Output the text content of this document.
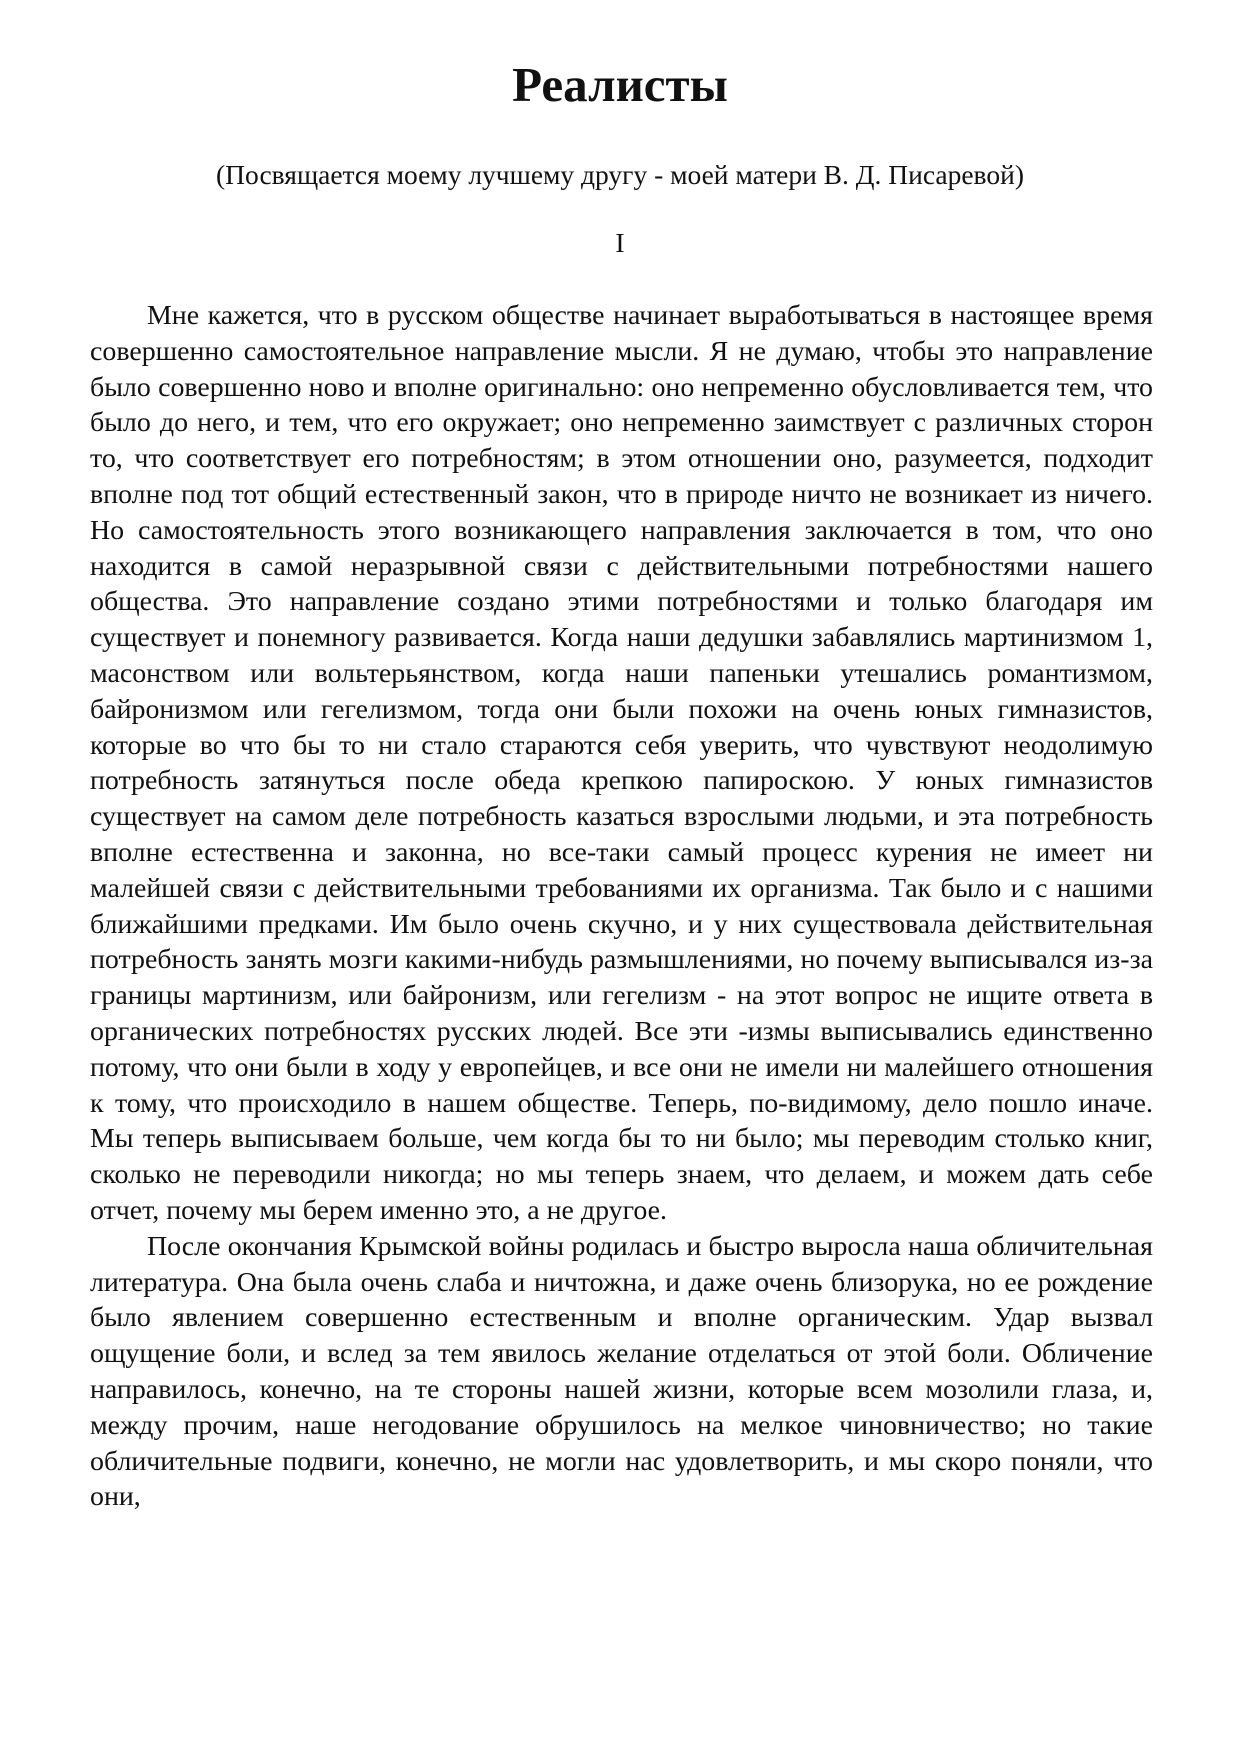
Реалисты
(Посвящается моему лучшему другу - моей матери В. Д. Писаревой)
I

Мне кажется, что в русском обществе начинает выработываться в настоящее время совершенно самостоятельное направление мысли. Я не думаю, чтобы это направление было совершенно ново и вполне оригинально: оно непременно обусловливается тем, что было до него, и тем, что его окружает; оно непременно заимствует с различных сторон то, что соответствует его потребностям; в этом отношении оно, разумеется, подходит вполне под тот общий естественный закон, что в природе ничто не возникает из ничего. Но самостоятельность этого возникающего направления заключается в том, что оно находится в самой неразрывной связи с действительными потребностями нашего общества. Это направление создано этими потребностями и только благодаря им существует и понемногу развивается. Когда наши дедушки забавлялись мартинизмом 1, масонством или вольтерьянством, когда наши папеньки утешались романтизмом, байронизмом или гегелизмом, тогда они были похожи на очень юных гимназистов, которые во что бы то ни стало стараются себя уверить, что чувствуют неодолимую потребность затянуться после обеда крепкою папироскою. У юных гимназистов существует на самом деле потребность казаться взрослыми людьми, и эта потребность вполне естественна и законна, но все-таки самый процесс курения не имеет ни малейшей связи с действительными требованиями их организма. Так было и с нашими ближайшими предками. Им было очень скучно, и у них существовала действительная потребность занять мозги какими-нибудь размышлениями, но почему выписывался из-за границы мартинизм, или байронизм, или гегелизм - на этот вопрос не ищите ответа в органических потребностях русских людей. Все эти -измы выписывались единственно потому, что они были в ходу у европейцев, и все они не имели ни малейшего отношения к тому, что происходило в нашем обществе. Теперь, по-видимому, дело пошло иначе. Мы теперь выписываем больше, чем когда бы то ни было; мы переводим столько книг, сколько не переводили никогда; но мы теперь знаем, что делаем, и можем дать себе отчет, почему мы берем именно это, а не другое.

После окончания Крымской войны родилась и быстро выросла наша обличительная литература. Она была очень слаба и ничтожна, и даже очень близорука, но ее рождение было явлением совершенно естественным и вполне органическим. Удар вызвал ощущение боли, и вслед за тем явилось желание отделаться от этой боли. Обличение направилось, конечно, на те стороны нашей жизни, которые всем мозолили глаза, и, между прочим, наше негодование обрушилось на мелкое чиновничество; но такие обличительные подвиги, конечно, не могли нас удовлетворить, и мы скоро поняли, что они,
